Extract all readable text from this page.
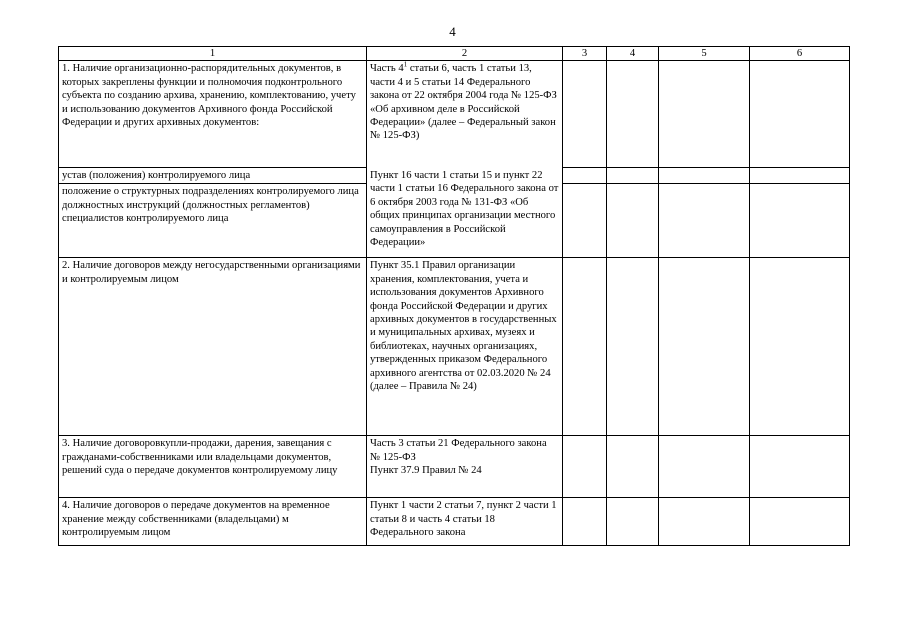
4
1	2	3	4	5	6
1. Наличие организационно-распорядительных документов, в которых закреплены функции и полномочия подконтрольного субъекта по созданию архива, хранению, комплектованию, учету и использованию документов Архивного фонда Российской Федерации и других архивных документов:	Часть $4^1$ статьи 6, часть 1 статьи 13, части 4 и 5 статьи 14 Федерального закона от 22 октября 2004 года № 125-ФЗ «Об архивном деле в Российской Федерации» (далее – Федеральный закон № 125-ФЗ)				
устав (положения) контролируемого лица	Пункт 16 части 1 статьи 15 и пункт 22 части 1 статьи 16 Федерального закона от 6 октября 2003 года № 131-ФЗ «Об общих принципах организации местного самоуправления в Российской Федерации»				

положение о структурных подразделениях контролируемого лица
должностных инструкций (должностных регламентов) специалистов контролируемого лица					

2. Наличие договоров между негосударственными организациями и контролируемым лицом	Пункт 35.1 Правил организации хранения, комплектования, учета и использования документов Архивного фонда Российской Федерации и других архивных документов в государственных и муниципальных архивах, музеях и библиотеках, научных организациях, утвержденных приказом Федерального архивного агентства от 02.03.2020 № 24 (далее – Правила № 24)				
3. Наличие договоровкупли-продажи, дарения, завещания с гражданами-собственниками или владельцами документов, решений суда о передаче документов контролируемому лицу	Часть 3 статьи 21 Федерального закона № 125-ФЗ
Пункт 37.9 Правил № 24				

4. Наличие договоров о передаче документов на временное хранение между собственниками (владельцами) м контролируемым лицом	Пункт 1 части 2 статьи 7, пункт 2 части 1 статьи 8 и часть 4 статьи 18 Федерального закона				
